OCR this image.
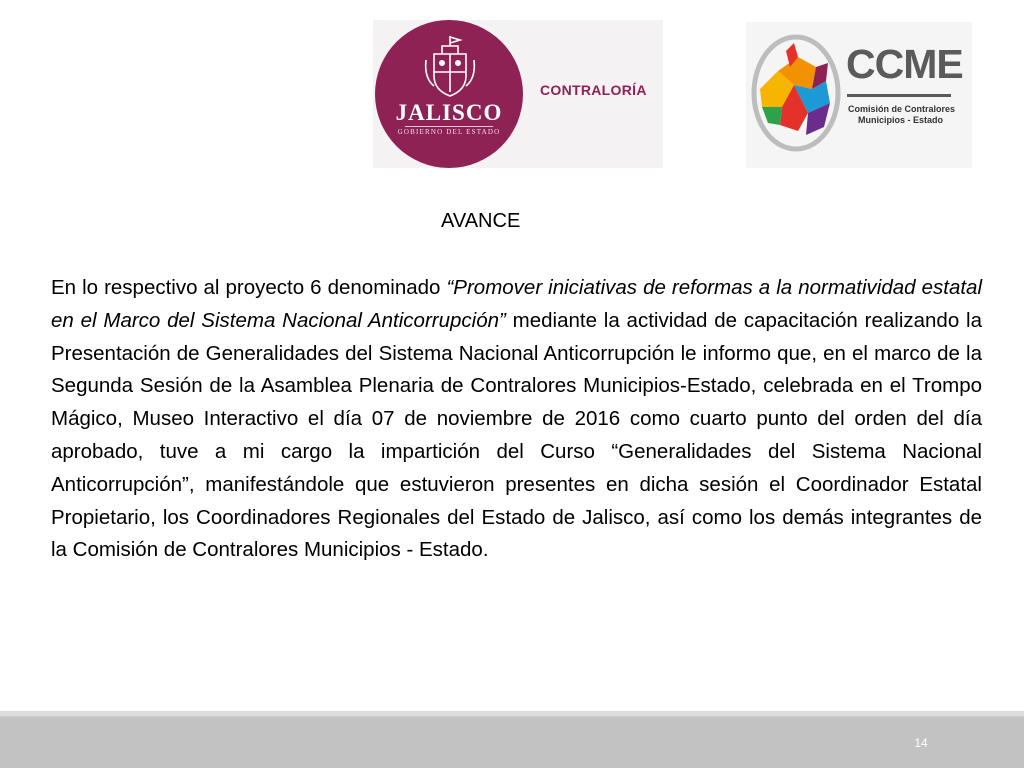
JALISCO
GOBIERNO DEL ESTADO
CONTRALORÍA
CCME
Comisión de Contralores
Municipios - Estado
AVANCE

En lo respectivo al proyecto 6 denominado “Promover iniciativas de reformas a la normatividad estatal en el Marco del Sistema Nacional Anticorrupción” mediante la actividad de capacitación realizando la Presentación de Generalidades del Sistema Nacional Anticorrupción le informo que, en el marco de la Segunda Sesión de la Asamblea Plenaria de Contralores Municipios-Estado, celebrada en el Trompo Mágico, Museo Interactivo el día 07 de noviembre de 2016 como cuarto punto del orden del día aprobado, tuve a mi cargo la impartición del Curso “Generalidades del Sistema Nacional Anticorrupción”, manifestándole que estuvieron presentes en dicha sesión el Coordinador Estatal Propietario, los Coordinadores Regionales del Estado de Jalisco, así como los demás integrantes de la Comisión de Contralores Municipios - Estado.

14
